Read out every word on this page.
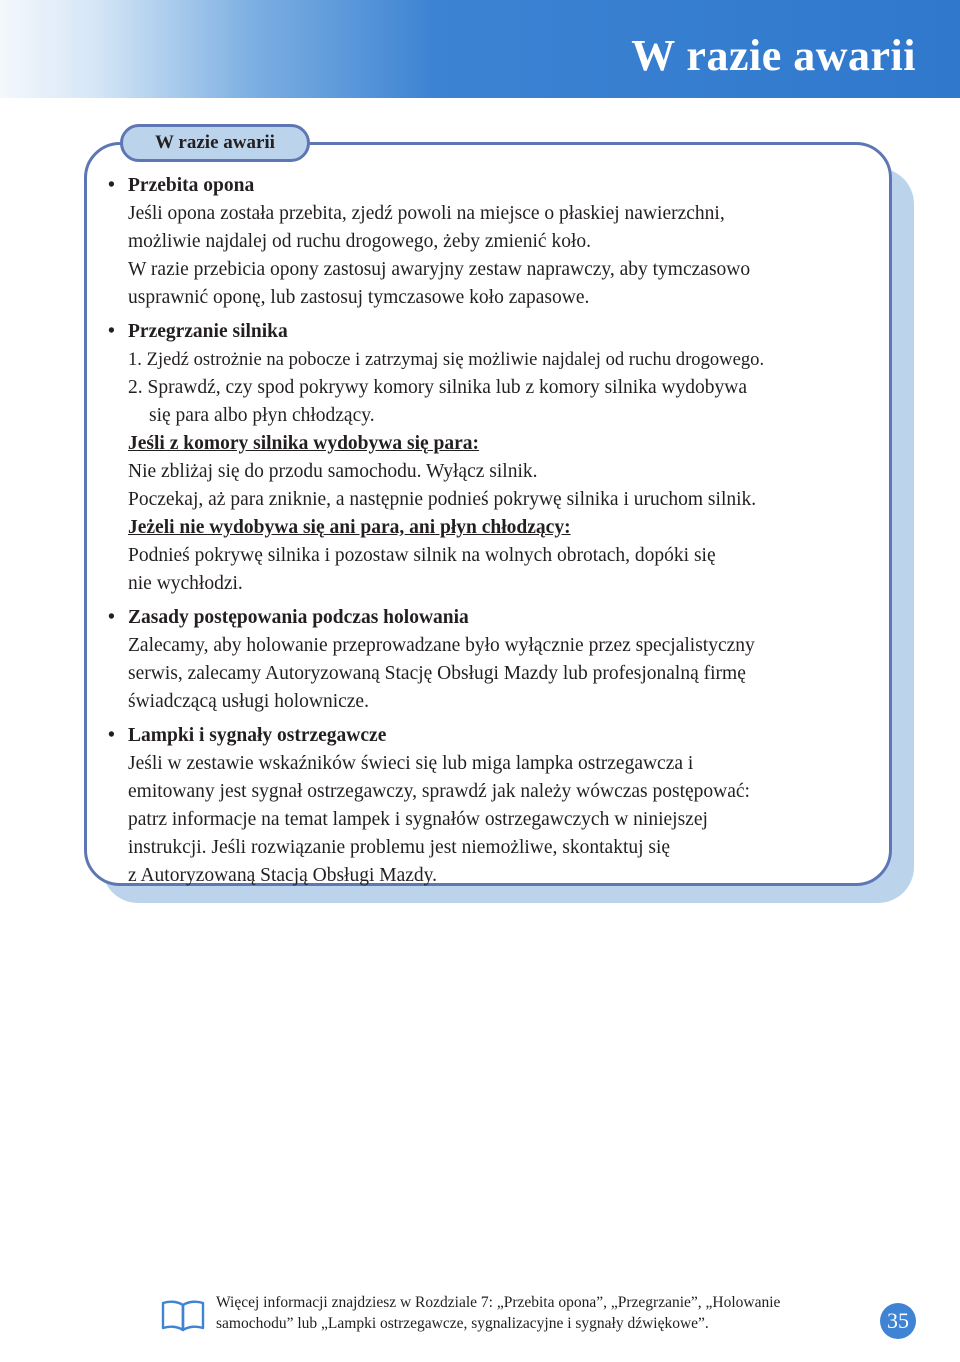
W razie awarii
W razie awarii
• Przebita opona
Jeśli opona została przebita, zjedź powoli na miejsce o płaskiej nawierzchni,
możliwie najdalej od ruchu drogowego, żeby zmienić koło.
W razie przebicia opony zastosuj awaryjny zestaw naprawczy, aby tymczasowo
usprawnić oponę, lub zastosuj tymczasowe koło zapasowe.
• Przegrzanie silnika
1. Zjedź ostrożnie na pobocze i zatrzymaj się możliwie najdalej od ruchu drogowego.
2. Sprawdź, czy spod pokrywy komory silnika lub z komory silnika wydobywa
się para albo płyn chłodzący.
Jeśli z komory silnika wydobywa się para:
Nie zbliżaj się do przodu samochodu. Wyłącz silnik.
Poczekaj, aż para zniknie, a następnie podnieś pokrywę silnika i uruchom silnik.
Jeżeli nie wydobywa się ani para, ani płyn chłodzący:
Podnieś pokrywę silnika i pozostaw silnik na wolnych obrotach, dopóki się
nie wychłodzi.
• Zasady postępowania podczas holowania
Zalecamy, aby holowanie przeprowadzane było wyłącznie przez specjalistyczny
serwis, zalecamy Autoryzowaną Stację Obsługi Mazdy lub profesjonalną firmę
świadczącą usługi holownicze.
• Lampki i sygnały ostrzegawcze
Jeśli w zestawie wskaźników świeci się lub miga lampka ostrzegawcza i
emitowany jest sygnał ostrzegawczy, sprawdź jak należy wówczas postępować:
patrz informacje na temat lampek i sygnałów ostrzegawczych w niniejszej
instrukcji. Jeśli rozwiązanie problemu jest niemożliwe, skontaktuj się
z Autoryzowaną Stacją Obsługi Mazdy.
Więcej informacji znajdziesz w Rozdziale 7: „Przebita opona”, „Przegrzanie”, „Holowanie
samochodu” lub „Lampki ostrzegawcze, sygnalizacyjne i sygnały dźwiękowe”.	35
